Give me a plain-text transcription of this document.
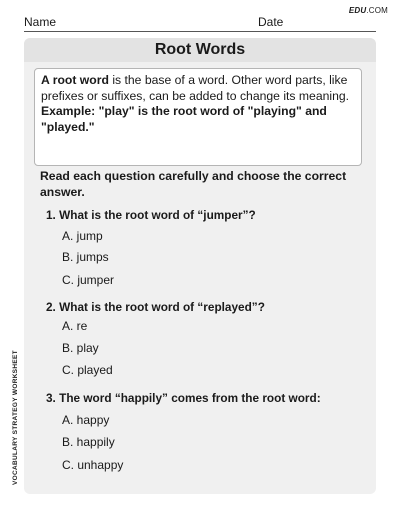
EDU.COM
Name	Date
VOCABULARY STRATEGY WORKSHEET
Root Words

A root word is the base of a word. Other word parts, like prefixes or suffixes, can be added to change its meaning.

Example: "play" is the root word of "playing" and "played."

Read each question carefully and choose the correct answer.
1. What is the root word of “jumper”?
A. jump
B. jumps
C. jumper
2. What is the root word of “replayed”?
A. re
B. play
C. played
3. The word “happily” comes from the root word:
A. happy
B. happily
C. unhappy
